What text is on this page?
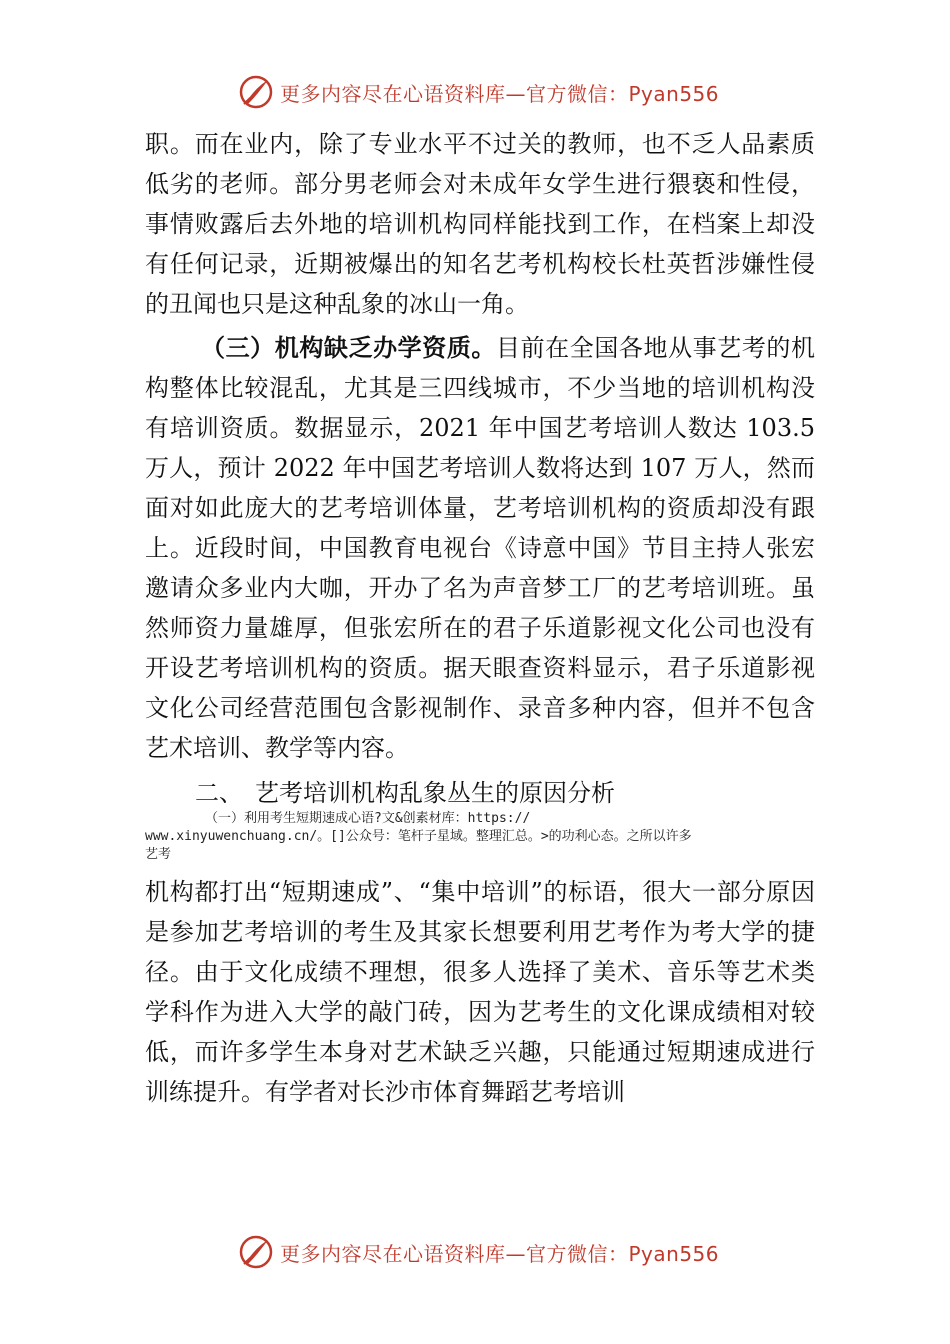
更多内容尽在心语资料库—官方微信：Pyan556

职。而在业内，除了专业水平不过关的教师，也不乏人品素质低劣的老师。部分男老师会对未成年女学生进行猥亵和性侵，事情败露后去外地的培训机构同样能找到工作，在档案上却没有任何记录，近期被爆出的知名艺考机构校长杜英哲涉嫌性侵的丑闻也只是这种乱象的冰山一角。

（三）机构缺乏办学资质。目前在全国各地从事艺考的机构整体比较混乱，尤其是三四线城市，不少当地的培训机构没有培训资质。数据显示，2021 年中国艺考培训人数达 103.5 万人，预计 2022 年中国艺考培训人数将达到 107 万人，然而面对如此庞大的艺考培训体量，艺考培训机构的资质却没有跟上。近段时间，中国教育电视台《诗意中国》节目主持人张宏邀请众多业内大咖，开办了名为声音梦工厂的艺考培训班。虽然师资力量雄厚，但张宏所在的君子乐道影视文化公司也没有开设艺考培训机构的资质。据天眼查资料显示，君子乐道影视文化公司经营范围包含影视制作、录音多种内容，但并不包含艺术培训、教学等内容。

二、　艺考培训机构乱象丛生的原因分析

（一）利用考生短期速成心语?文&创素材库：https://

www.xinyuwenchuang.cn/。[]公众号：笔杆子星域。整理汇总。>的功利心态。之所以许多

艺考

机构都打出“短期速成”、“集中培训”的标语，很大一部分原因是参加艺考培训的考生及其家长想要利用艺考作为考大学的捷径。由于文化成绩不理想，很多人选择了美术、音乐等艺术类学科作为进入大学的敲门砖，因为艺考生的文化课成绩相对较低，而许多学生本身对艺术缺乏兴趣，只能通过短期速成进行训练提升。有学者对长沙市体育舞蹈艺考培训

更多内容尽在心语资料库—官方微信：Pyan556
